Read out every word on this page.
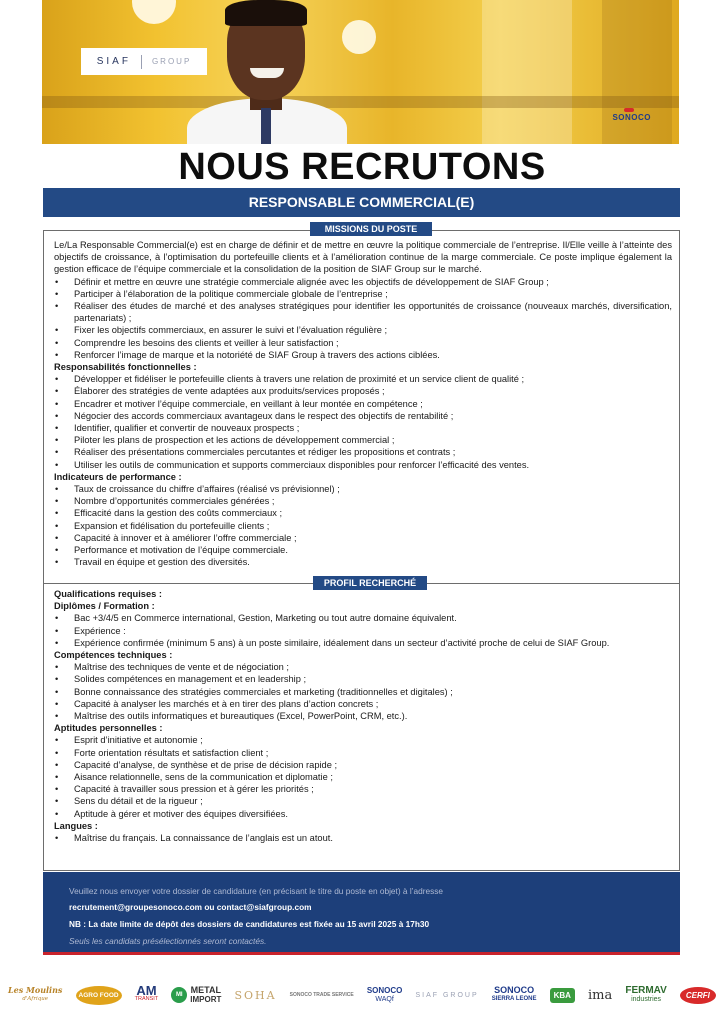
SIAF	GROUP
SONOCO
NOUS RECRUTONS
RESPONSABLE COMMERCIAL(E)
MISSIONS DU POSTE
PROFIL RECHERCHÉ

Le/La Responsable Commercial(e) est en charge de définir et de mettre en œuvre la politique commerciale de l’entreprise. Il/Elle veille à l’atteinte des objectifs de croissance, à l’optimisation du portefeuille clients et à l’amélioration continue de la marge commerciale. Ce poste implique également la gestion efficace de l’équipe commerciale et la consolidation de la position de SIAF Group sur le marché.

• Définir et mettre en œuvre une stratégie commerciale alignée avec les objectifs de développement de SIAF Group ;
• Participer à l’élaboration de la politique commerciale globale de l’entreprise ;
• Réaliser des études de marché et des analyses stratégiques pour identifier les opportunités de croissance (nouveaux marchés, diversification, partenariats) ;
• Fixer les objectifs commerciaux, en assurer le suivi et l’évaluation régulière ;
• Comprendre les besoins des clients et veiller à leur satisfaction ;
• Renforcer l’image de marque et la notoriété de SIAF Group à travers des actions ciblées.
Responsabilités fonctionnelles :
• Développer et fidéliser le portefeuille clients à travers une relation de proximité et un service client de qualité ;
• Élaborer des stratégies de vente adaptées aux produits/services proposés ;
• Encadrer et motiver l’équipe commerciale, en veillant à leur montée en compétence ;
• Négocier des accords commerciaux avantageux dans le respect des objectifs de rentabilité ;
• Identifier, qualifier et convertir de nouveaux prospects ;
• Piloter les plans de prospection et les actions de développement commercial ;
• Réaliser des présentations commerciales percutantes et rédiger les propositions et contrats ;
• Utiliser les outils de communication et supports commerciaux disponibles pour renforcer l’efficacité des ventes.
Indicateurs de performance :
• Taux de croissance du chiffre d’affaires (réalisé vs prévisionnel) ;
• Nombre d’opportunités commerciales générées ;
• Efficacité dans la gestion des coûts commerciaux ;
• Expansion et fidélisation du portefeuille clients ;
• Capacité à innover et à améliorer l’offre commerciale ;
• Performance et motivation de l’équipe commerciale.
• Travail en équipe et gestion des diversités.
Qualifications requises :
Diplômes / Formation :
• Bac +3/4/5 en Commerce international, Gestion, Marketing ou tout autre domaine équivalent.
• Expérience :
• Expérience confirmée (minimum 5 ans) à un poste similaire, idéalement dans un secteur d’activité proche de celui de SIAF Group.
Compétences techniques :
• Maîtrise des techniques de vente et de négociation ;
• Solides compétences en management et en leadership ;
• Bonne connaissance des stratégies commerciales et marketing (traditionnelles et digitales) ;
• Capacité à analyser les marchés et à en tirer des plans d’action concrets ;
• Maîtrise des outils informatiques et bureautiques (Excel, PowerPoint, CRM, etc.).
Aptitudes personnelles :
• Esprit d’initiative et autonomie ;
• Forte orientation résultats et satisfaction client ;
• Capacité d’analyse, de synthèse et de prise de décision rapide ;
• Aisance relationnelle, sens de la communication et diplomatie ;
• Capacité à travailler sous pression et à gérer les priorités ;
• Sens du détail et de la rigueur ;
• Aptitude à gérer et motiver des équipes diversifiées.
Langues :
• Maîtrise du français. La connaissance de l’anglais est un atout.
Veuillez nous envoyer votre dossier de candidature (en précisant le titre du poste en objet) à l’adresse
recrutement@groupesonoco.com ou contact@siafgroup.com
NB : La date limite de dépôt des dossiers de candidatures est fixée au 15 avril 2025 à 17h30
Seuls les candidats présélectionnés seront contactés.
Les Moulins
d'Afrique
AGRO FOOD AM
TRANSIT
MI METAL
IMPORT SOHA	SONOCO TRADE SERVICE SONOCO
WAQf
SIAF GROUP SONOCO
SIERRA LEONE	KBA	ima FERMAV
industries	CERFI
